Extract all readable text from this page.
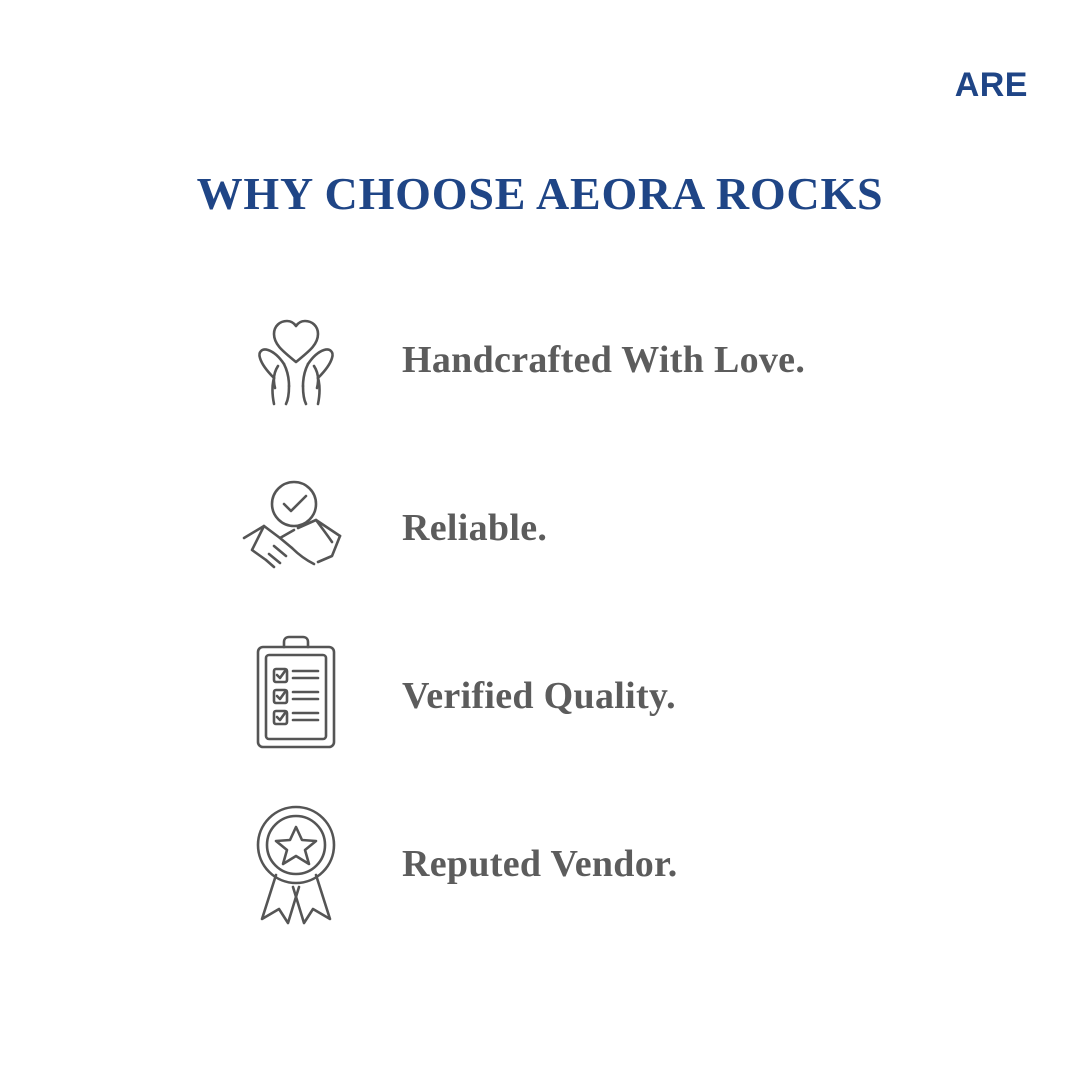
ARE
WHY CHOOSE AEORA ROCKS
Handcrafted With Love.
Reliable.
Verified Quality.
Reputed Vendor.
